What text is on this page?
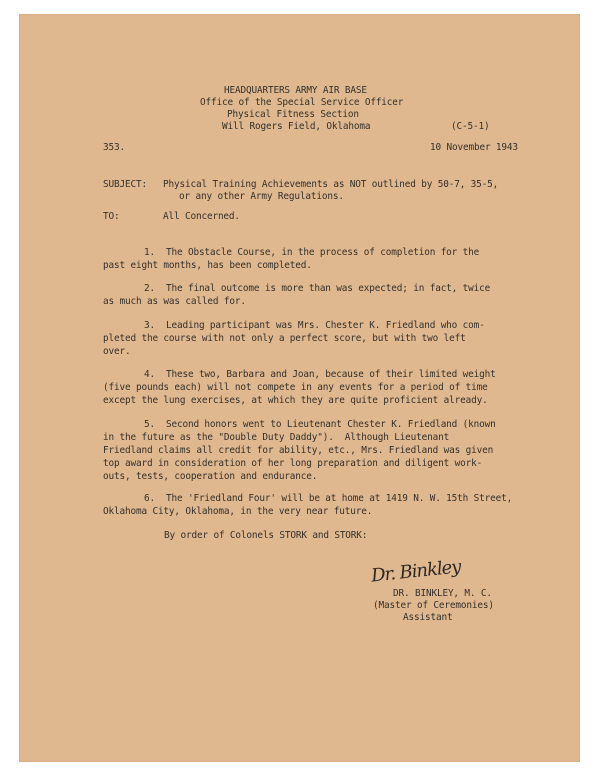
HEADQUARTERS ARMY AIR BASE
Office of the Special Service Officer
Physical Fitness Section
Will Rogers Field, Oklahoma	(C-5-1)
353.	10 November 1943
SUBJECT: Physical Training Achievements as NOT outlined by 50-7, 35-5,
or any other Army Regulations.
TO:	All Concerned.
1.  The Obstacle Course, in the process of completion for the
past eight months, has been completed.
2.  The final outcome is more than was expected; in fact, twice
as much as was called for.
3.  Leading participant was Mrs. Chester K. Friedland who com-
pleted the course with not only a perfect score, but with two left
over.
4.  These two, Barbara and Joan, because of their limited weight
(five pounds each) will not compete in any events for a period of time
except the lung exercises, at which they are quite proficient already.
5.  Second honors went to Lieutenant Chester K. Friedland (known
in the future as the "Double Duty Daddy").  Although Lieutenant
Friedland claims all credit for ability, etc., Mrs. Friedland was given
top award in consideration of her long preparation and diligent work-
outs, tests, cooperation and endurance.
6.  The 'Friedland Four' will be at home at 1419 N. W. 15th Street,
Oklahoma City, Oklahoma, in the very near future.
By order of Colonels STORK and STORK:
Dr. Binkley
DR. BINKLEY, M. C.
(Master of Ceremonies)
Assistant
